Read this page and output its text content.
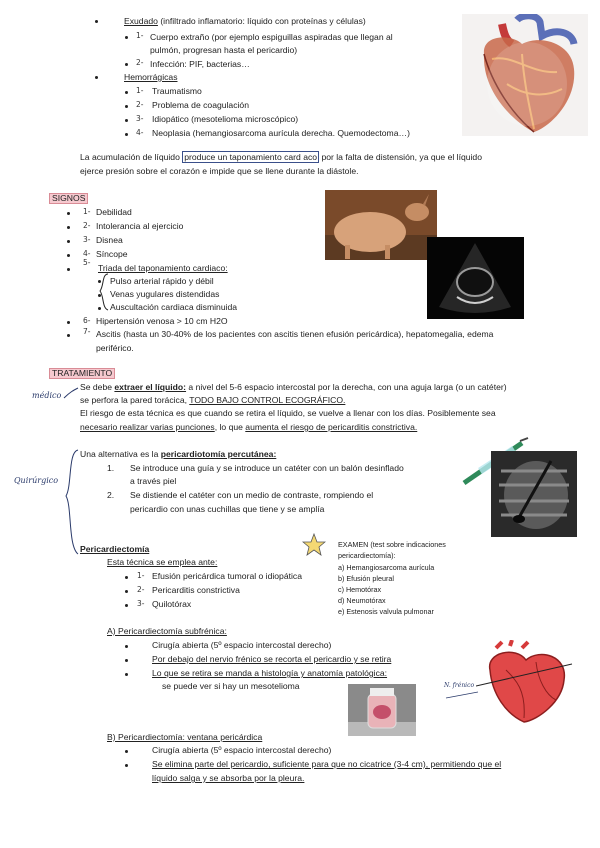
Exudado (infiltrado inflamatorio: líquido con proteínas y células)
1- Cuerpo extraño (por ejemplo espiguillas aspiradas que llegan al
pulmón, progresan hasta el pericardio)
2- Infección: PIF, bacterias…
Hemorrágicas
1- Traumatismo
2- Problema de coagulación
3- Idiopático (mesotelioma microscópico)
4- Neoplasia (hemangiosarcoma aurícula derecha. Quemodectoma…)
La acumulación de líquido produce un taponamiento card aco por la falta de distensión, ya que el líquido
ejerce presión sobre el corazón e impide que se llene durante la diástole.
SIGNOS
1- Debilidad
2- Intolerancia al ejercicio
3- Disnea
4- Síncope
5-
Triada del taponamiento cardiaco:
Pulso arterial rápido y débil
Venas yugulares distendidas
Auscultación cardiaca disminuida
6- Hipertensión venosa > 10 cm H2O
7- Ascitis (hasta un 30-40% de los pacientes con ascitis tienen efusión pericárdica), hepatomegalia, edema
periférico.
TRATAMIENTO
médico
Se debe extraer el líquido: a nivel del 5-6 espacio intercostal por la derecha, con una aguja larga (o un catéter)
se perfora la pared torácica, TODO BAJO CONTROL ECOGRÁFICO.
El riesgo de esta técnica es que cuando se retira el líquido, se vuelve a llenar con los días. Posiblemente sea
necesario realizar varias punciones, lo que aumenta el riesgo de pericarditis constrictiva.
Quirúrgico
Una alternativa es la pericardiotomía percutánea:
1. Se introduce una guía y se introduce un catéter con un balón desinflado
a través piel
2. Se distiende el catéter con un medio de contraste, rompiendo el
pericardio con unas cuchillas que tiene y se amplía
Pericardiectomía
Esta técnica se emplea ante:
1- Efusión pericárdica tumoral o idiopática
2- Pericarditis constrictiva
3- Quilotórax
EXAMEN (test sobre indicaciones
pericardiectomía):
a) Hemangiosarcoma aurícula
b) Efusión pleural
c) Hemotórax
d) Neumotórax
e) Estenosis valvula pulmonar
A) Pericardiectomía subfrénica:
Cirugía abierta (5º espacio intercostal derecho)
Por debajo del nervio frénico se recorta el pericardio y se retira
Lo que se retira se manda a histología y anatomía patológica:
se puede ver si hay un mesotelioma	N. frénico
B) Pericardiectomía: ventana pericárdica
Cirugía abierta (5º espacio intercostal derecho)
Se elimina parte del pericardio, suficiente para que no cicatrice (3-4 cm), permitiendo que el
líquido salga y se absorba por la pleura.
